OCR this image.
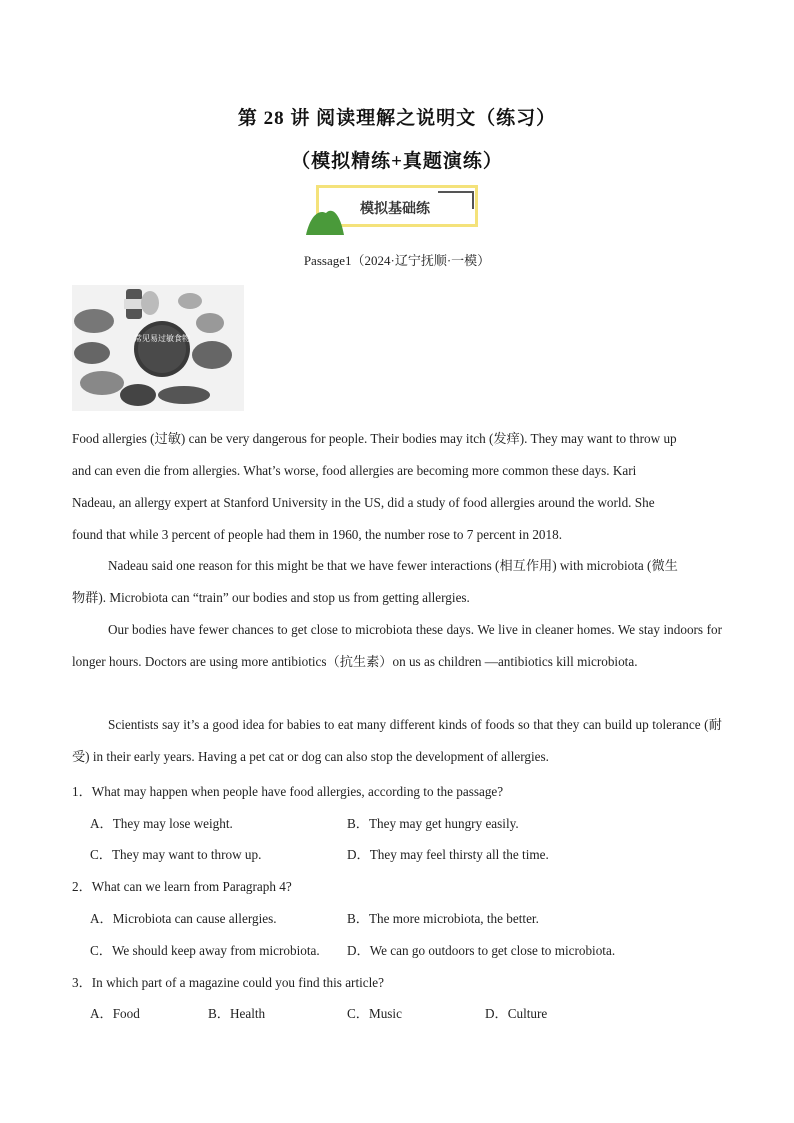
第 28 讲 阅读理解之说明文（练习）
（模拟精练+真题演练）
模拟基础练
Passage1（2024·辽宁抚顺·一模）
常见易过敏食物
Food allergies (过敏) can be very dangerous for people. Their bodies may itch (发痒). They may want to throw up
and can even die from allergies. What’s worse, food allergies are becoming more common these days. Kari
Nadeau, an allergy expert at Stanford University in the US, did a study of food allergies around the world. She
found that while 3 percent of people had them in 1960, the number rose to 7 percent in 2018.
Nadeau said one reason for this might be that we have fewer interactions (相互作用) with microbiota (微生
物群). Microbiota can “train” our bodies and stop us from getting allergies.
Our bodies have fewer chances to get close to microbiota these days. We live in cleaner homes. We stay indoors for longer hours. Doctors are using more antibiotics（抗生素）on us as children —antibiotics kill microbiota.
Scientists say it’s a good idea for babies to eat many different kinds of foods so that they can build up tolerance (耐受) in their early years. Having a pet cat or dog can also stop the development of allergies.
1．What may happen when people have food allergies, according to the passage?
A．They may lose weight.	B．They may get hungry easily.
C．They may want to throw up.	D．They may feel thirsty all the time.
2．What can we learn from Paragraph 4?
A．Microbiota can cause allergies.	B．The more microbiota, the better.
C．We should keep away from microbiota. D．We can go outdoors to get close to microbiota.
3．In which part of a magazine could you find this article?
A．Food	B．Health	C．Music	D．Culture
